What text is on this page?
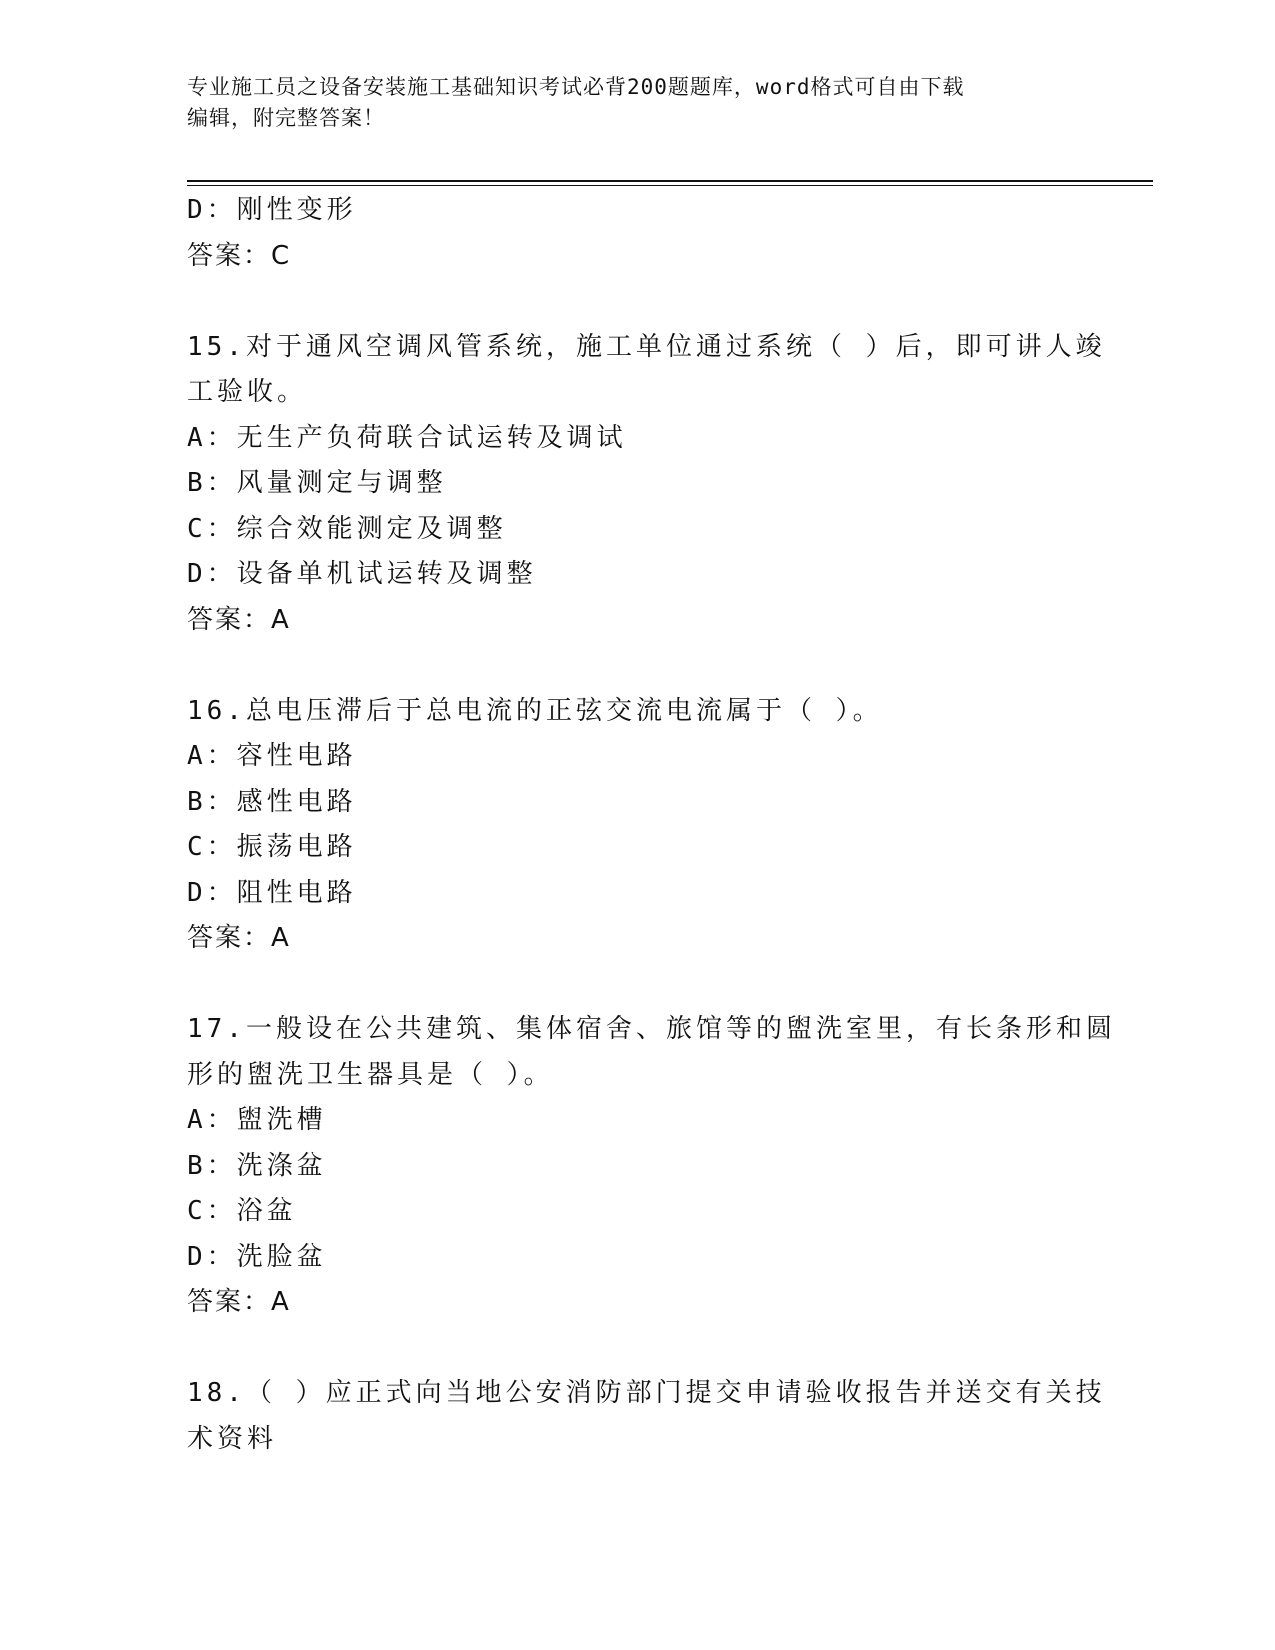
专业施工员之设备安装施工基础知识考试必背200题题库，word格式可自由下载
编辑，附完整答案！
D：刚性变形
答案：C
15.对于通风空调风管系统，施工单位通过系统（ ）后，即可讲人竣
工验收。
A：无生产负荷联合试运转及调试
B：风量测定与调整
C：综合效能测定及调整
D：设备单机试运转及调整
答案：A
16.总电压滞后于总电流的正弦交流电流属于（ ）。
A：容性电路
B：感性电路
C：振荡电路
D：阻性电路
答案：A
17.一般设在公共建筑、集体宿舍、旅馆等的盥洗室里，有长条形和圆
形的盥洗卫生器具是（ ）。
A：盥洗槽
B：洗涤盆
C：浴盆
D：洗脸盆
答案：A
18.（ ）应正式向当地公安消防部门提交申请验收报告并送交有关技
术资料
